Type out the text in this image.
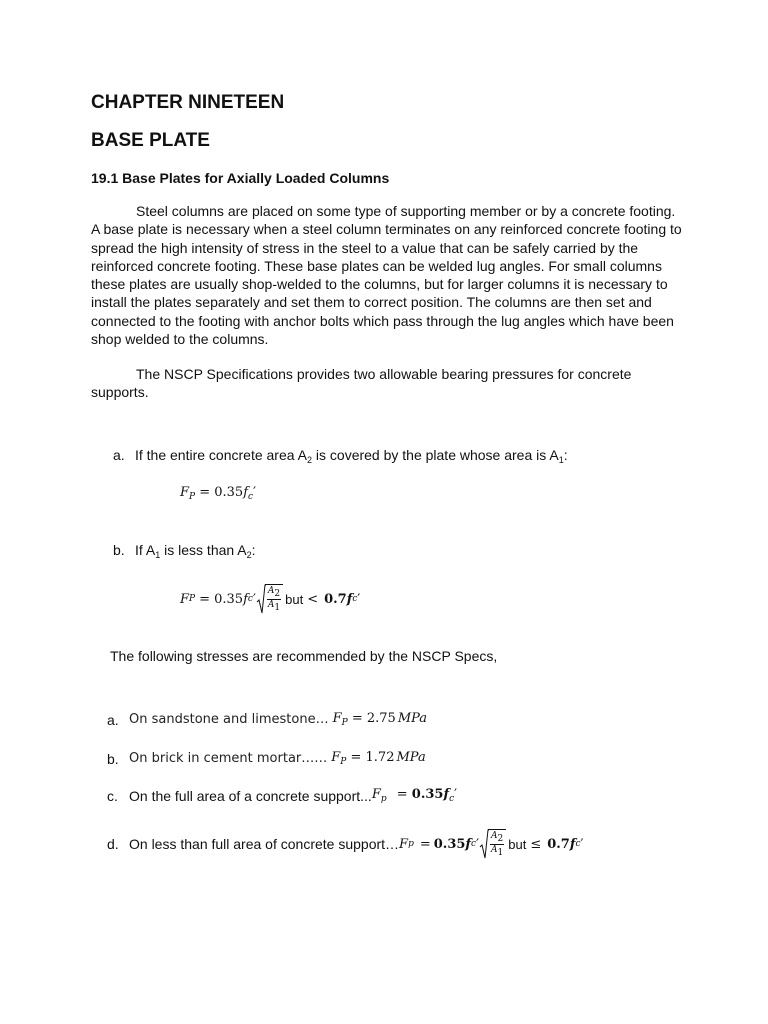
CHAPTER NINETEEN
BASE PLATE
19.1 Base Plates for Axially Loaded Columns
Steel columns are placed on some type of supporting member or by a concrete footing.
A base plate is necessary when a steel column terminates on any reinforced concrete footing to
spread the high intensity of stress in the steel to a value that can be safely carried by the
reinforced concrete footing. These base plates can be welded lug angles. For small columns
these plates are usually shop-welded to the columns, but for larger columns it is necessary to
install the plates separately and set them to correct position. The columns are then set and
connected to the footing with anchor bolts which pass through the lug angles which have been
shop welded to the columns.
The NSCP Specifications provides two allowable bearing pressures for concrete
supports.
a. If the entire concrete area $A_2$ is covered by the plate whose area is $A_1$:
$F_P = 0.35f_c'$
b. If $A_1$ is less than $A_2$:
F P = 0.35 f c ′ $\frac{A_2}{A_1}$ but < 0.7 f c ′
The following stresses are recommended by the NSCP Specs,
a. On sandstone and limestone… $F_P = 2.75$ MPa
b. On brick in cement mortar…… $F_P = 1.72$ MPa
c. On the full area of a concrete support... $F_p = 0.35f_c'$
d. On less than full area of concrete support… F p = 0.35 f c ′ $\frac{A_2}{A_1}$ but ≤ 0.7 f c ′
